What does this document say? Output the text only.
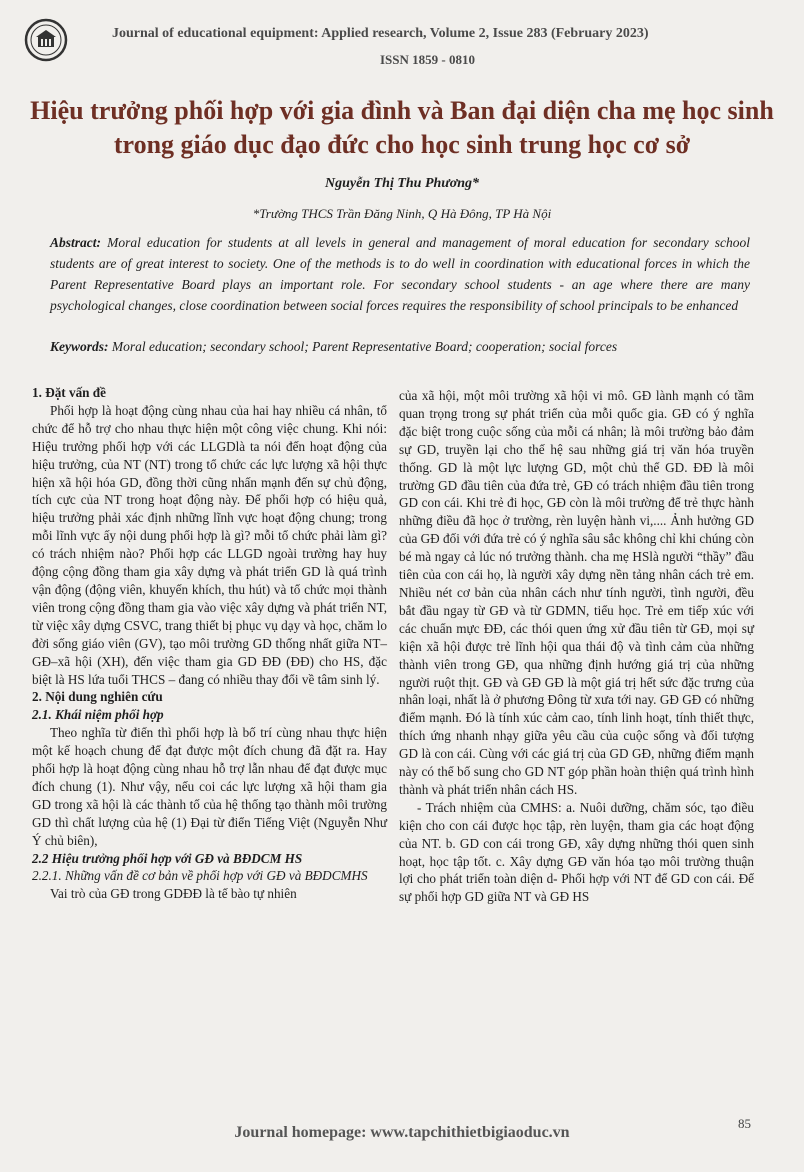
Journal of educational equipment: Applied research, Volume 2, Issue 283 (February 2023)
ISSN 1859 - 0810
Hiệu trưởng phối hợp với gia đình và Ban đại diện cha mẹ học sinh trong giáo dục đạo đức cho học sinh trung học cơ sở
Nguyễn Thị Thu Phương*
*Trường THCS Trần Đăng Ninh, Q Hà Đông, TP Hà Nội
Abstract: Moral education for students at all levels in general and management of moral education for secondary school students are of great interest to society. One of the methods is to do well in coordination with educational forces in which the Parent Representative Board plays an important role. For secondary school students - an age where there are many psychological changes, close coordination between social forces requires the responsibility of school principals to be enhanced
Keywords: Moral education; secondary school; Parent Representative Board; cooperation; social forces

1. Đặt vấn đề

Phối hợp là hoạt động cùng nhau của hai hay nhiều cá nhân, tổ chức để hỗ trợ cho nhau thực hiện một công việc chung. Khi nói: Hiệu trưởng phối hợp với các LLGDlà ta nói đến hoạt động của hiệu trưởng, của NT (NT) trong tổ chức các lực lượng xã hội thực hiện xã hội hóa GD, đồng thời cũng nhấn mạnh đến sự chủ động, tích cực của NT trong hoạt động này. Để phối hợp có hiệu quả, hiệu trưởng phải xác định những lĩnh vực hoạt động chung; trong mỗi lĩnh vực ấy nội dung phối hợp là gì? mỗi tổ chức phải làm gì? có trách nhiệm nào? Phối hợp các LLGD ngoài trường hay huy động cộng đồng tham gia xây dựng và phát triển GD là quá trình vận động (động viên, khuyến khích, thu hút) và tổ chức mọi thành viên trong cộng đồng tham gia vào việc xây dựng và phát triển NT, từ việc xây dựng CSVC, trang thiết bị phục vụ dạy và học, chăm lo đời sống giáo viên (GV), tạo môi trường GD thống nhất giữa NT–GĐ–xã hội (XH), đến việc tham gia GD ĐĐ (ĐĐ) cho HS, đặc biệt là HS lứa tuổi THCS – đang có nhiều thay đổi về tâm sinh lý.

2. Nội dung nghiên cứu

2.1. Khái niệm phối hợp

Theo nghĩa từ điển thì phối hợp là bố trí cùng nhau thực hiện một kế hoạch chung để đạt được một đích chung đã đặt ra. Hay phối hợp là hoạt động cùng nhau hỗ trợ lẫn nhau để đạt được mục đích chung (1). Như vậy, nếu coi các lực lượng xã hội tham gia GD trong xã hội là các thành tố của hệ thống tạo thành môi trường GD thì chất lượng của hệ (1) Đại từ điển Tiếng Việt (Nguyễn Như Ý chủ biên),

2.2 Hiệu trưởng phối hợp với GĐ và BĐDCM HS

2.2.1. Những vấn đề cơ bản về phối hợp với GĐ và BĐDCMHS

Vai trò của GĐ trong GDĐĐ là tế bào tự nhiên

của xã hội, một môi trường xã hội vi mô. GĐ lành mạnh có tầm quan trọng trong sự phát triển của mỗi quốc gia. GĐ có ý nghĩa đặc biệt trong cuộc sống của mỗi cá nhân; là môi trường bảo đảm sự GD, truyền lại cho thế hệ sau những giá trị văn hóa truyền thống. GD là một lực lượng GD, một chủ thể GD. ĐĐ là môi trường GD đầu tiên của đứa trẻ, GĐ có trách nhiệm đầu tiên trong GD con cái. Khi trẻ đi học, GĐ còn là môi trường để trẻ thực hành những điều đã học ở trường, rèn luyện hành vi,.... Ảnh hưởng GD của GĐ đối với đứa trẻ có ý nghĩa sâu sắc không chỉ khi chúng còn bé mà ngay cả lúc nó trưởng thành. cha mẹ HSlà người “thầy” đầu tiên của con cái họ, là người xây dựng nền tảng nhân cách trẻ em. Nhiều nét cơ bản của nhân cách như tính người, tình người, đều bắt đầu ngay từ GĐ và từ GDMN, tiểu học. Trẻ em tiếp xúc với các chuẩn mực ĐĐ, các thói quen ứng xử đầu tiên từ GĐ, mọi sự kiện xã hội được trẻ lĩnh hội qua thái độ và tình cảm của những thành viên trong GĐ, qua những định hướng giá trị của những người ruột thịt. GĐ và GĐ GĐ là một giá trị hết sức đặc trưng của nhân loại, nhất là ở phương Đông từ xưa tới nay. GĐ GĐ có những điểm mạnh. Đó là tính xúc cảm cao, tính linh hoạt, tính thiết thực, thích ứng nhanh nhạy giữa yêu cầu của cuộc sống và đối tượng GD là con cái. Cùng với các giá trị của GD GĐ, những điểm mạnh này có thể bổ sung cho GD NT góp phần hoàn thiện quá trình hình thành và phát triển nhân cách HS.

- Trách nhiệm của CMHS: a. Nuôi dưỡng, chăm sóc, tạo điều kiện cho con cái được học tập, rèn luyện, tham gia các hoạt động của NT. b. GD con cái trong GĐ, xây dựng những thói quen sinh hoạt, học tập tốt. c. Xây dựng GĐ văn hóa tạo môi trường thuận lợi cho phát triển toàn diện d- Phối hợp với NT để GD con cái. Để sự phối hợp GD giữa NT và GĐ HS

85
Journal homepage: www.tapchithietbigiaoduc.vn
